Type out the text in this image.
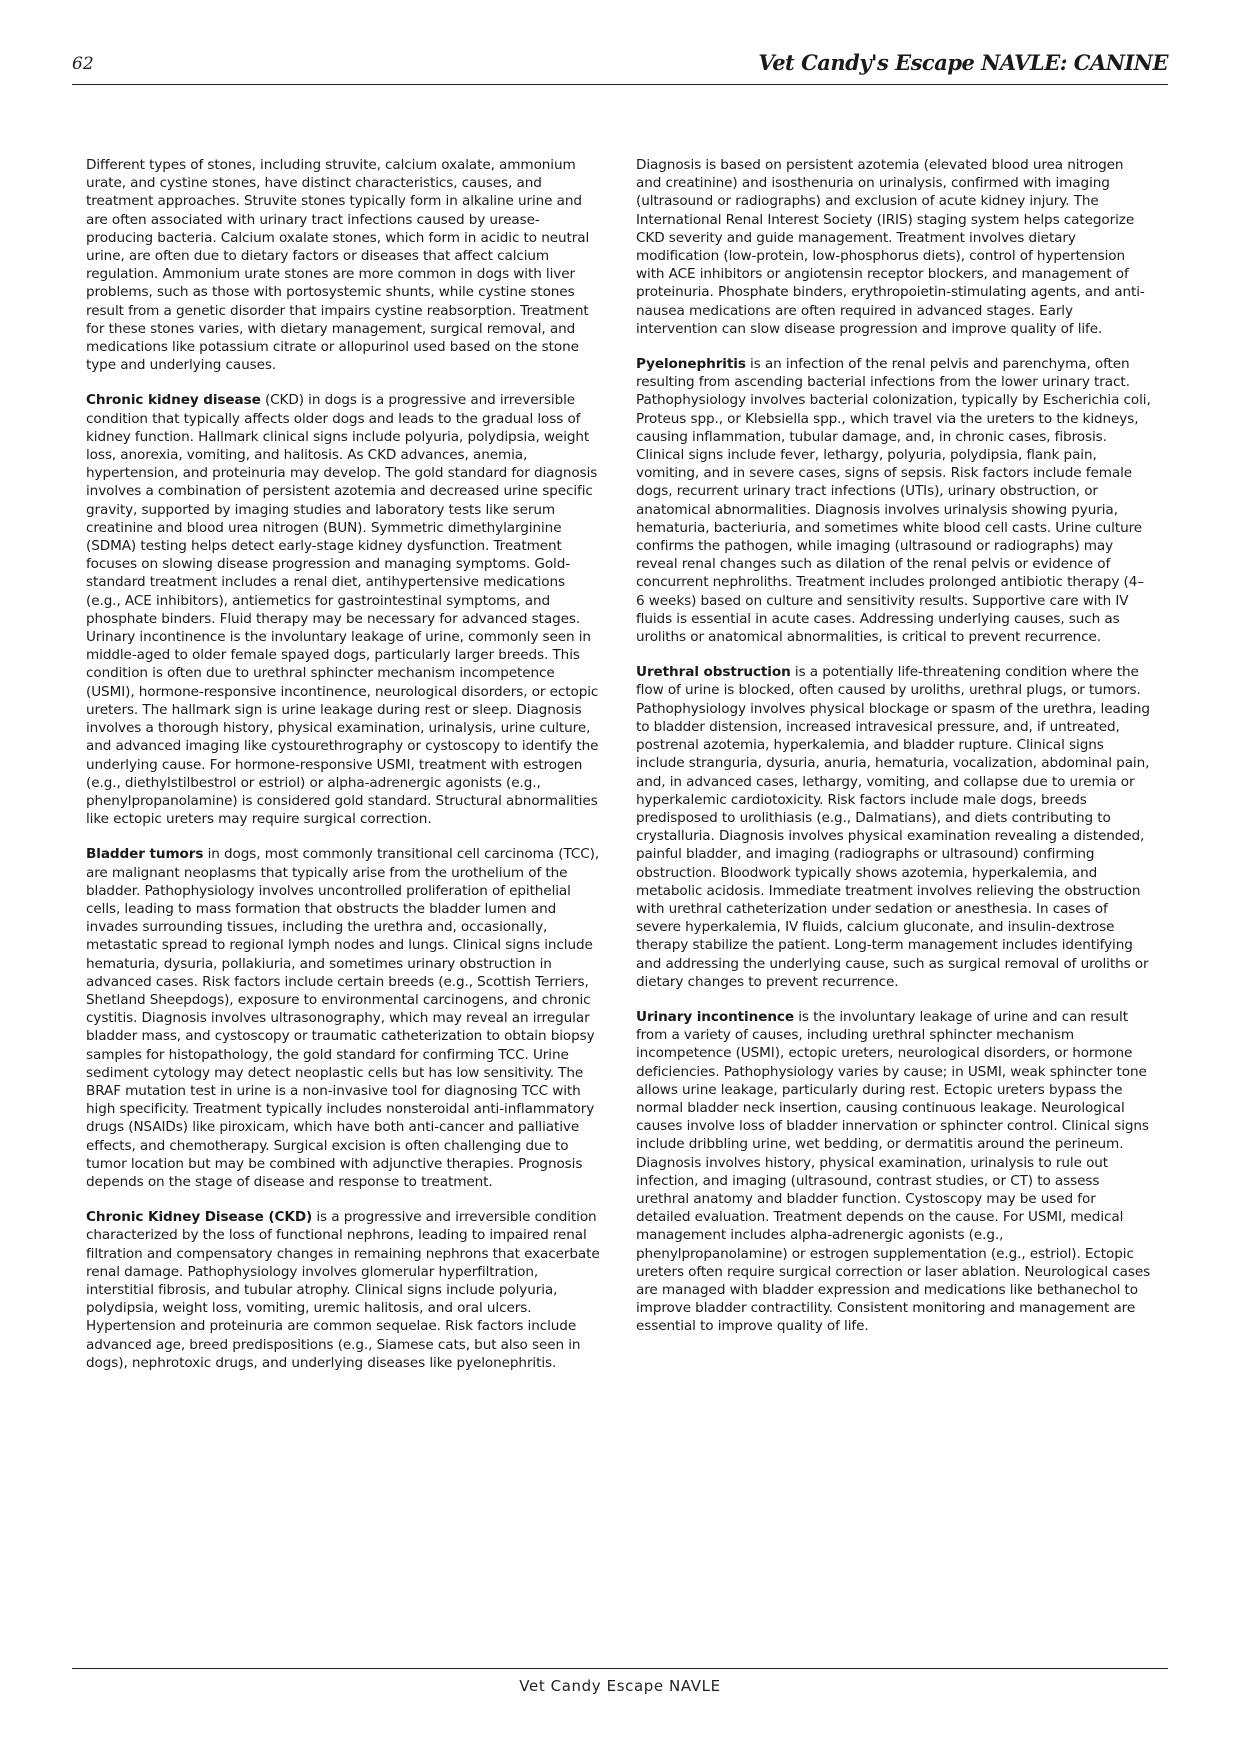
62	Vet Candy's Escape NAVLE: CANINE

Different types of stones, including struvite, calcium oxalate, ammonium urate, and cystine stones, have distinct characteristics, causes, and treatment approaches. Struvite stones typically form in alkaline urine and are often associated with urinary tract infections caused by urease-producing bacteria. Calcium oxalate stones, which form in acidic to neutral urine, are often due to dietary factors or diseases that affect calcium regulation. Ammonium urate stones are more common in dogs with liver problems, such as those with portosystemic shunts, while cystine stones result from a genetic disorder that impairs cystine reabsorption. Treatment for these stones varies, with dietary management, surgical removal, and medications like potassium citrate or allopurinol used based on the stone type and underlying causes.

Chronic kidney disease (CKD) in dogs is a progressive and irreversible condition that typically affects older dogs and leads to the gradual loss of kidney function. Hallmark clinical signs include polyuria, polydipsia, weight loss, anorexia, vomiting, and halitosis. As CKD advances, anemia, hypertension, and proteinuria may develop. The gold standard for diagnosis involves a combination of persistent azotemia and decreased urine specific gravity, supported by imaging studies and laboratory tests like serum creatinine and blood urea nitrogen (BUN). Symmetric dimethylarginine (SDMA) testing helps detect early-stage kidney dysfunction. Treatment focuses on slowing disease progression and managing symptoms. Gold-standard treatment includes a renal diet, antihypertensive medications (e.g., ACE inhibitors), antiemetics for gastrointestinal symptoms, and phosphate binders. Fluid therapy may be necessary for advanced stages.

Urinary incontinence is the involuntary leakage of urine, commonly seen in middle-aged to older female spayed dogs, particularly larger breeds. This condition is often due to urethral sphincter mechanism incompetence (USMI), hormone-responsive incontinence, neurological disorders, or ectopic ureters. The hallmark sign is urine leakage during rest or sleep. Diagnosis involves a thorough history, physical examination, urinalysis, urine culture, and advanced imaging like cystourethrography or cystoscopy to identify the underlying cause. For hormone-responsive USMI, treatment with estrogen (e.g., diethylstilbestrol or estriol) or alpha-adrenergic agonists (e.g., phenylpropanolamine) is considered gold standard. Structural abnormalities like ectopic ureters may require surgical correction.

Bladder tumors in dogs, most commonly transitional cell carcinoma (TCC), are malignant neoplasms that typically arise from the urothelium of the bladder. Pathophysiology involves uncontrolled proliferation of epithelial cells, leading to mass formation that obstructs the bladder lumen and invades surrounding tissues, including the urethra and, occasionally, metastatic spread to regional lymph nodes and lungs. Clinical signs include hematuria, dysuria, pollakiuria, and sometimes urinary obstruction in advanced cases. Risk factors include certain breeds (e.g., Scottish Terriers, Shetland Sheepdogs), exposure to environmental carcinogens, and chronic cystitis. Diagnosis involves ultrasonography, which may reveal an irregular bladder mass, and cystoscopy or traumatic catheterization to obtain biopsy samples for histopathology, the gold standard for confirming TCC. Urine sediment cytology may detect neoplastic cells but has low sensitivity. The BRAF mutation test in urine is a non-invasive tool for diagnosing TCC with high specificity. Treatment typically includes nonsteroidal anti-inflammatory drugs (NSAIDs) like piroxicam, which have both anti-cancer and palliative effects, and chemotherapy. Surgical excision is often challenging due to tumor location but may be combined with adjunctive therapies. Prognosis depends on the stage of disease and response to treatment.

Chronic Kidney Disease (CKD) is a progressive and irreversible condition characterized by the loss of functional nephrons, leading to impaired renal filtration and compensatory changes in remaining nephrons that exacerbate renal damage. Pathophysiology involves glomerular hyperfiltration, interstitial fibrosis, and tubular atrophy. Clinical signs include polyuria, polydipsia, weight loss, vomiting, uremic halitosis, and oral ulcers. Hypertension and proteinuria are common sequelae. Risk factors include advanced age, breed predispositions (e.g., Siamese cats, but also seen in dogs), nephrotoxic drugs, and underlying diseases like pyelonephritis.

Diagnosis is based on persistent azotemia (elevated blood urea nitrogen and creatinine) and isosthenuria on urinalysis, confirmed with imaging (ultrasound or radiographs) and exclusion of acute kidney injury. The International Renal Interest Society (IRIS) staging system helps categorize CKD severity and guide management. Treatment involves dietary modification (low-protein, low-phosphorus diets), control of hypertension with ACE inhibitors or angiotensin receptor blockers, and management of proteinuria. Phosphate binders, erythropoietin-stimulating agents, and anti-nausea medications are often required in advanced stages. Early intervention can slow disease progression and improve quality of life.

Pyelonephritis is an infection of the renal pelvis and parenchyma, often resulting from ascending bacterial infections from the lower urinary tract. Pathophysiology involves bacterial colonization, typically by Escherichia coli, Proteus spp., or Klebsiella spp., which travel via the ureters to the kidneys, causing inflammation, tubular damage, and, in chronic cases, fibrosis. Clinical signs include fever, lethargy, polyuria, polydipsia, flank pain, vomiting, and in severe cases, signs of sepsis. Risk factors include female dogs, recurrent urinary tract infections (UTIs), urinary obstruction, or anatomical abnormalities. Diagnosis involves urinalysis showing pyuria, hematuria, bacteriuria, and sometimes white blood cell casts. Urine culture confirms the pathogen, while imaging (ultrasound or radiographs) may reveal renal changes such as dilation of the renal pelvis or evidence of concurrent nephroliths. Treatment includes prolonged antibiotic therapy (4–6 weeks) based on culture and sensitivity results. Supportive care with IV fluids is essential in acute cases. Addressing underlying causes, such as uroliths or anatomical abnormalities, is critical to prevent recurrence.

Urethral obstruction is a potentially life-threatening condition where the flow of urine is blocked, often caused by uroliths, urethral plugs, or tumors. Pathophysiology involves physical blockage or spasm of the urethra, leading to bladder distension, increased intravesical pressure, and, if untreated, postrenal azotemia, hyperkalemia, and bladder rupture. Clinical signs include stranguria, dysuria, anuria, hematuria, vocalization, abdominal pain, and, in advanced cases, lethargy, vomiting, and collapse due to uremia or hyperkalemic cardiotoxicity. Risk factors include male dogs, breeds predisposed to urolithiasis (e.g., Dalmatians), and diets contributing to crystalluria. Diagnosis involves physical examination revealing a distended, painful bladder, and imaging (radiographs or ultrasound) confirming obstruction. Bloodwork typically shows azotemia, hyperkalemia, and metabolic acidosis. Immediate treatment involves relieving the obstruction with urethral catheterization under sedation or anesthesia. In cases of severe hyperkalemia, IV fluids, calcium gluconate, and insulin-dextrose therapy stabilize the patient. Long-term management includes identifying and addressing the underlying cause, such as surgical removal of uroliths or dietary changes to prevent recurrence.

Urinary incontinence is the involuntary leakage of urine and can result from a variety of causes, including urethral sphincter mechanism incompetence (USMI), ectopic ureters, neurological disorders, or hormone deficiencies. Pathophysiology varies by cause; in USMI, weak sphincter tone allows urine leakage, particularly during rest. Ectopic ureters bypass the normal bladder neck insertion, causing continuous leakage. Neurological causes involve loss of bladder innervation or sphincter control. Clinical signs include dribbling urine, wet bedding, or dermatitis around the perineum. Diagnosis involves history, physical examination, urinalysis to rule out infection, and imaging (ultrasound, contrast studies, or CT) to assess urethral anatomy and bladder function. Cystoscopy may be used for detailed evaluation. Treatment depends on the cause. For USMI, medical management includes alpha-adrenergic agonists (e.g., phenylpropanolamine) or estrogen supplementation (e.g., estriol). Ectopic ureters often require surgical correction or laser ablation. Neurological cases are managed with bladder expression and medications like bethanechol to improve bladder contractility. Consistent monitoring and management are essential to improve quality of life.

Vet Candy Escape NAVLE
